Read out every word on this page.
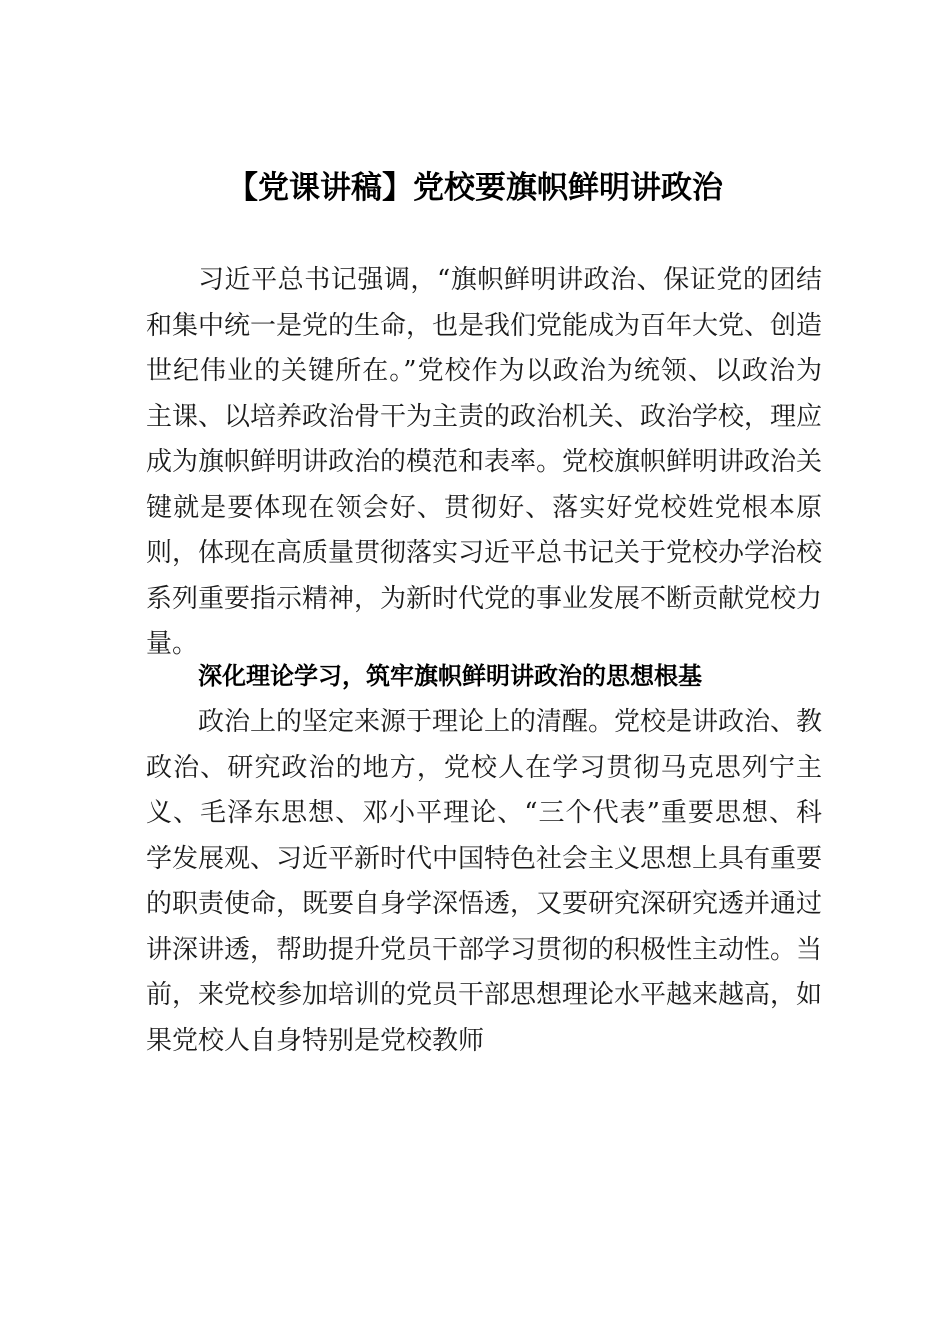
【党课讲稿】党校要旗帜鲜明讲政治

习近平总书记强调，“旗帜鲜明讲政治、保证党的团结和集中统一是党的生命，也是我们党能成为百年大党、创造世纪伟业的关键所在。”党校作为以政治为统领、以政治为主课、以培养政治骨干为主责的政治机关、政治学校，理应成为旗帜鲜明讲政治的模范和表率。党校旗帜鲜明讲政治关键就是要体现在领会好、贯彻好、落实好党校姓党根本原则，体现在高质量贯彻落实习近平总书记关于党校办学治校系列重要指示精神，为新时代党的事业发展不断贡献党校力量。

深化理论学习，筑牢旗帜鲜明讲政治的思想根基

政治上的坚定来源于理论上的清醒。党校是讲政治、教政治、研究政治的地方，党校人在学习贯彻马克思列宁主义、毛泽东思想、邓小平理论、“三个代表”重要思想、科学发展观、习近平新时代中国特色社会主义思想上具有重要的职责使命，既要自身学深悟透，又要研究深研究透并通过讲深讲透，帮助提升党员干部学习贯彻的积极性主动性。当前，来党校参加培训的党员干部思想理论水平越来越高，如果党校人自身特别是党校教师
